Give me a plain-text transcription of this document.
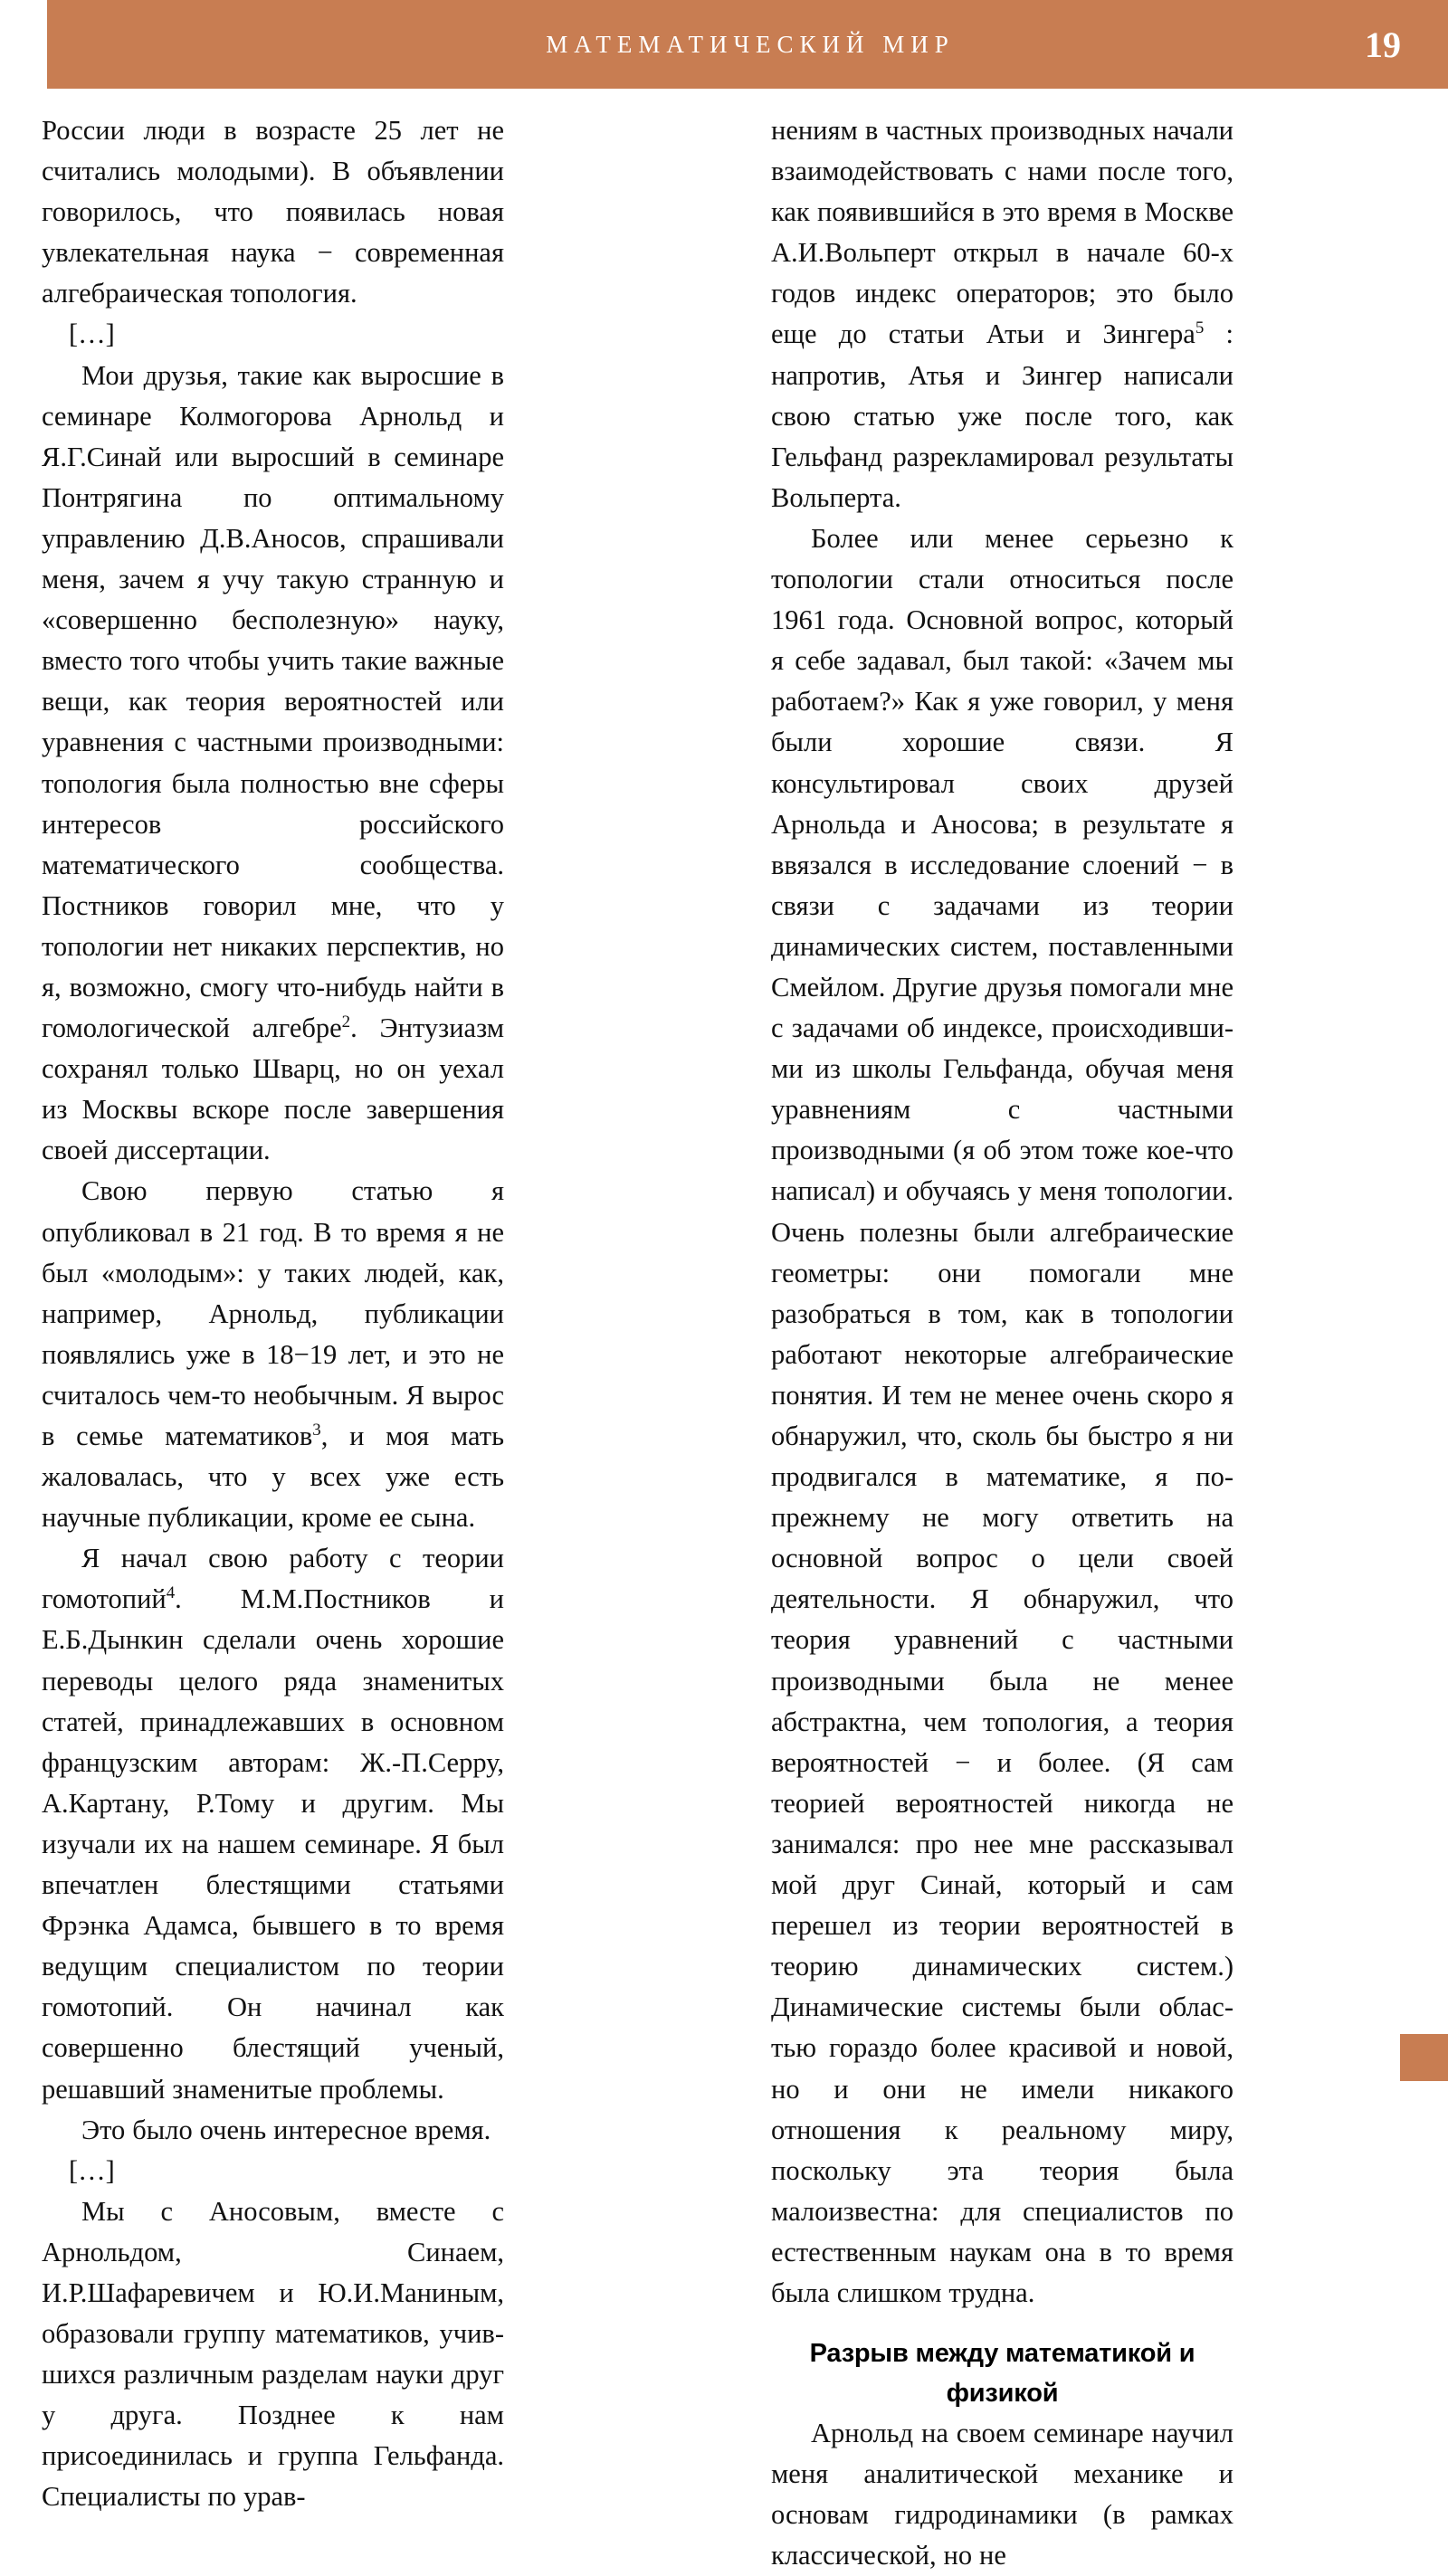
МАТЕМАТИЧЕСКИЙ МИР	19

России люди в возрасте 25 лет не считались молодыми). В объявлении говорилось, что появилась новая увлекательная наука − современная алгебраическая топология.

[…]

Мои друзья, такие как выросшие в семинаре Колмогорова Арнольд и Я.Г.Синай или выросший в семинаре Понтрягина по оптимальному управлению Д.В.Аносов, спрашивали меня, зачем я учу такую странную и «совершенно бесполезную» науку, вместо того чтобы учить такие важные вещи, как теория вероятностей или уравнения с частными производными: топология была полностью вне сферы интересов российского математического сообщества. Постников говорил мне, что у топологии нет никаких перспектив, но я, возможно, смогу что-нибудь найти в гомологической алгебре$^2$. Энтузиазм сохранял только Шварц, но он уехал из Москвы вскоре после завершения своей диссертации.

Свою первую статью я опубликовал в 21 год. В то время я не был «молодым»: у таких людей, как, например, Арнольд, публикации появлялись уже в 18−19 лет, и это не считалось чем-то необычным. Я вырос в семье математиков$^3$, и моя мать жаловалась, что у всех уже есть научные публикации, кроме ее сына.

Я начал свою работу с теории гомотопий$^4$. М.М.Постников и Е.Б.Дынкин сделали очень хорошие переводы целого ряда знаменитых статей, принадлежавших в основном французским авторам: Ж.-П.Серру, А.Картану, Р.Тому и другим. Мы изучали их на нашем семинаре. Я был впечатлен блестящими статьями Фрэнка Адамса, бывшего в то время ведущим специалистом по теории гомотопий. Он начинал как совершенно блестящий ученый, решавший знаменитые проблемы.

Это было очень интересное время.

[…]

Мы с Аносовым, вместе с Арнольдом, Синаем, И.Р.Шафаревичем и Ю.И.Маниным, образовали группу математиков, учившихся различным разделам науки друг у друга. Позднее к нам присоединилась и группа Гельфанда. Специалисты по урав-

нениям в частных производных начали взаимодействовать с нами после того, как появившийся в это время в Москве А.И.Вольперт открыл в начале 60-х годов индекс операторов; это было еще до статьи Атьи и Зингера$^5$ : напротив, Атья и Зингер написали свою статью уже после того, как Гельфанд разрекламировал результаты Вольперта.

Более или менее серьезно к топологии стали относиться после 1961 года. Основной вопрос, который я себе задавал, был такой: «Зачем мы работаем?» Как я уже говорил, у меня были хорошие связи. Я консультировал своих друзей Арнольда и Аносова; в результате я ввязался в исследование слоений − в связи с задачами из теории динамических систем, поставленными Смейлом. Другие друзья помогали мне с задачами об индексе, происходившими из школы Гельфанда, обучая меня уравнениям с частными производными (я об этом тоже кое-что написал) и обучаясь у меня топологии. Очень полезны были алгебраические геометры: они помогали мне разобраться в том, как в топологии работают некоторые алгебраические понятия. И тем не менее очень скоро я обнаружил, что, сколь бы быстро я ни продвигался в математике, я по-прежнему не могу ответить на основной вопрос о цели своей деятельности. Я обнаружил, что теория уравнений с частными производными была не менее абстрактна, чем топология, а теория вероятностей − и более. (Я сам теорией вероятностей никогда не занимался: про нее мне рассказывал мой друг Синай, который и сам перешел из теории вероятностей в теорию динамических систем.) Динамические системы были областью гораздо более красивой и новой, но и они не имели никакого отношения к реальному миру, поскольку эта теория была малоизвестна: для специалистов по естественным наукам она в то время была слишком трудна.

Разрыв между математикой и физикой

Арнольд на своем семинаре научил меня аналитической механике и основам гидродинамики (в рамках классической, но не
